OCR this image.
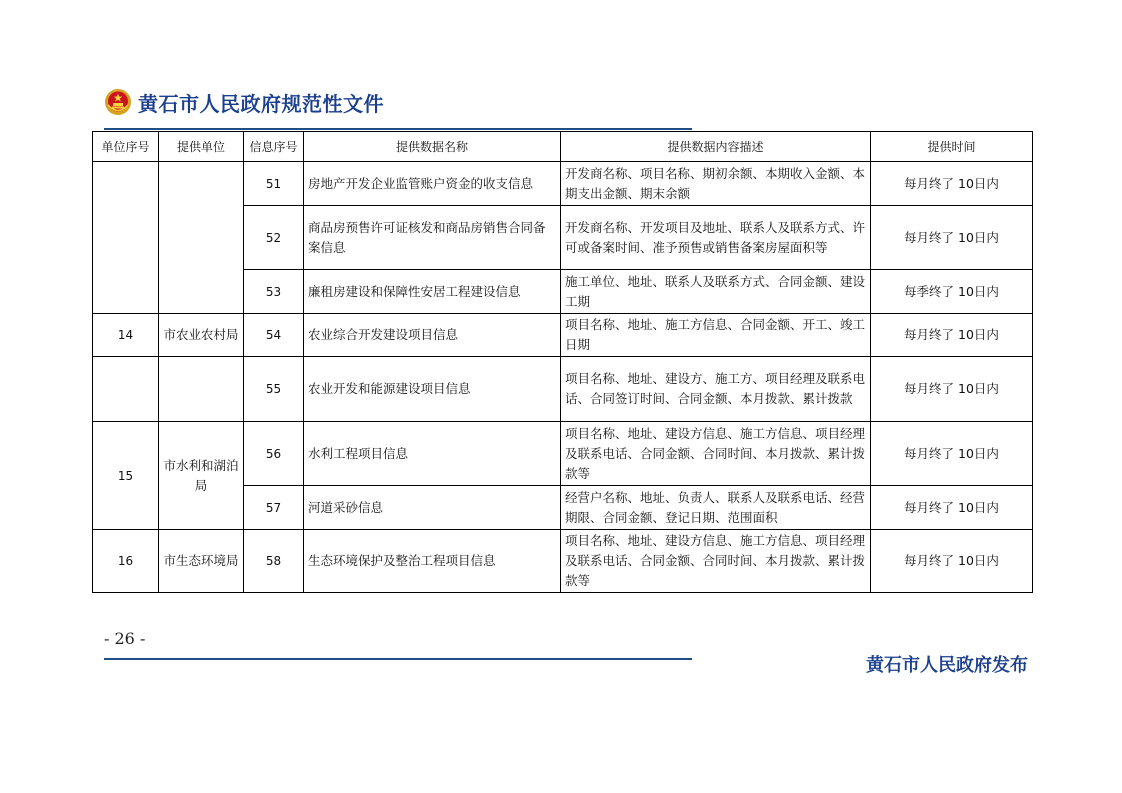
黄石市人民政府规范性文件
单位序号	提供单位	信息序号	提供数据名称	提供数据内容描述	提供时间
		51	房地产开发企业监管账户资金的收支信息	开发商名称、项目名称、期初余额、本期收入金额、本期支出金额、期末余额	每月终了 10日内
		52	商品房预售许可证核发和商品房销售合同备案信息	开发商名称、开发项目及地址、联系人及联系方式、许可或备案时间、准予预售或销售备案房屋面积等	每月终了 10日内
		53	廉租房建设和保障性安居工程建设信息	施工单位、地址、联系人及联系方式、合同金额、建设工期	每季终了 10日内
14	市农业农村局	54	农业综合开发建设项目信息	项目名称、地址、施工方信息、合同金额、开工、竣工日期	每月终了 10日内
		55	农业开发和能源建设项目信息	项目名称、地址、建设方、施工方、项目经理及联系电话、合同签订时间、合同金额、本月拨款、累计拨款	每月终了 10日内
15	市水利和湖泊局	56	水利工程项目信息	项目名称、地址、建设方信息、施工方信息、项目经理及联系电话、合同金额、合同时间、本月拨款、累计拨款等	每月终了 10日内
		57	河道采砂信息	经营户名称、地址、负责人、联系人及联系电话、经营期限、合同金额、登记日期、范围面积	每月终了 10日内
16	市生态环境局	58	生态环境保护及整治工程项目信息	项目名称、地址、建设方信息、施工方信息、项目经理及联系电话、合同金额、合同时间、本月拨款、累计拨款等	每月终了 10日内
- 26 -
黄石市人民政府发布
